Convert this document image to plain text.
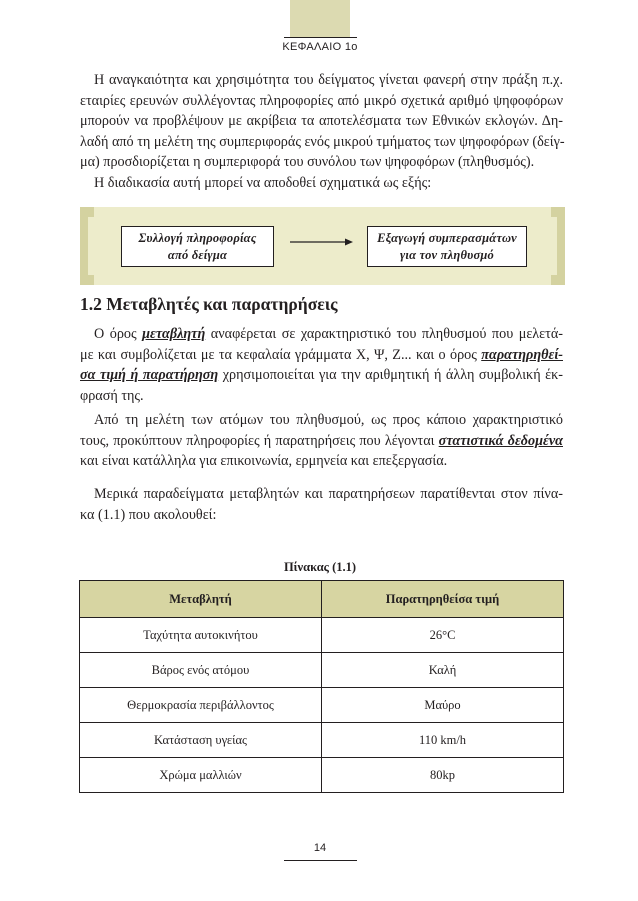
ΚΕΦΑΛΑΙΟ 1ο
Η αναγκαιότητα και χρησιμότητα του δείγματος γίνεται φανερή στην πράξη π.χ.
εταιρίες ερευνών συλλέγοντας πληροφορίες από μικρό σχετικά αριθμό ψηφοφόρων
μπορούν να προβλέψουν με ακρίβεια τα αποτελέσματα των Εθνικών εκλογών. Δη-
λαδή από τη μελέτη της συμπεριφοράς ενός μικρού τμήματος των ψηφοφόρων (δείγ-
μα) προσδιορίζεται η συμπεριφορά του συνόλου των ψηφοφόρων (πληθυσμός).
Η διαδικασία αυτή μπορεί να αποδοθεί σχηματικά ως εξής:
Συλλογή πληροφορίας
από δείγμα
Εξαγωγή συμπερασμάτων
για τον πληθυσμό
1.2 Μεταβλητές και παρατηρήσεις
Ο όρος μεταβλητή αναφέρεται σε χαρακτηριστικό του πληθυσμού που μελετά-
με και συμβολίζεται με τα κεφαλαία γράμματα Χ, Ψ, Ζ... και ο όρος παρατηρηθεί-
σα τιμή ή παρατήρηση χρησιμοποιείται για την αριθμητική ή άλλη συμβολική έκ-
φρασή της.
Από τη μελέτη των ατόμων του πληθυσμού, ως προς κάποιο χαρακτηριστικό
τους, προκύπτουν πληροφορίες ή παρατηρήσεις που λέγονται στατιστικά δεδομένα
και είναι κατάλληλα για επικοινωνία, ερμηνεία και επεξεργασία.
Μερικά παραδείγματα μεταβλητών και παρατηρήσεων παρατίθενται στον πίνα-
κα (1.1) που ακολουθεί:
Πίνακας (1.1)
Μεταβλητή	Παρατηρηθείσα τιμή
Ταχύτητα αυτοκινήτου	26°C
Βάρος ενός ατόμου	Καλή
Θερμοκρασία περιβάλλοντος	Μαύρο
Κατάσταση υγείας	110 km/h
Χρώμα μαλλιών	80kp
14
